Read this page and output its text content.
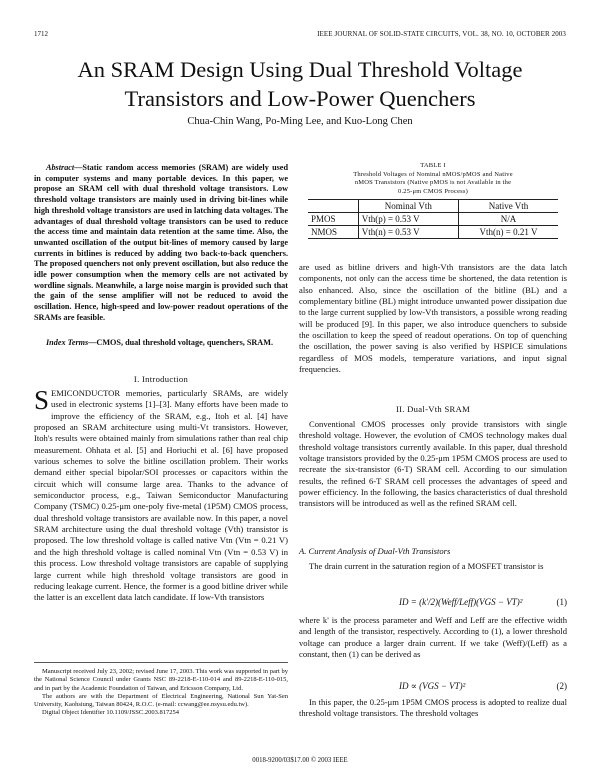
1712	IEEE JOURNAL OF SOLID-STATE CIRCUITS, VOL. 38, NO. 10, OCTOBER 2003
An SRAM Design Using Dual Threshold Voltage
Transistors and Low-Power Quenchers
Chua-Chin Wang, Po-Ming Lee, and Kuo-Long Chen
Abstract—Static random access memories (SRAM) are widely used in computer systems and many portable devices. In this paper, we propose an SRAM cell with dual threshold voltage transistors. Low threshold voltage transistors are mainly used in driving bit-lines while high threshold voltage transistors are used in latching data voltages. The advantages of dual threshold voltage transistors can be used to reduce the access time and maintain data retention at the same time. Also, the unwanted oscillation of the output bit-lines of memory caused by large currents in bitlines is reduced by adding two back-to-back quenchers. The proposed quenchers not only prevent oscillation, but also reduce the idle power consumption when the memory cells are not activated by wordline signals. Meanwhile, a large noise margin is provided such that the gain of the sense amplifier will not be reduced to avoid the oscillation. Hence, high-speed and low-power readout operations of the SRAMs are feasible.
Index Terms—CMOS, dual threshold voltage, quenchers, SRAM.
I. Introduction

SEMICONDUCTOR memories, particularly SRAMs, are widely used in electronic systems [1]–[3]. Many efforts have been made to improve the efficiency of the SRAM, e.g., Itoh et al. [4] have proposed an SRAM architecture using multi-Vt transistors. However, Itoh's results were obtained mainly from simulations rather than real chip measurement. Ohhata et al. [5] and Horiuchi et al. [6] have proposed various schemes to solve the bitline oscillation problem. Their works demand either special bipolar/SOI processes or capacitors within the circuit which will consume large area. Thanks to the advance of semiconductor process, e.g., Taiwan Semiconductor Manufacturing Company (TSMC) 0.25-μm one-poly five-metal (1P5M) CMOS process, dual threshold voltage transistors are available now. In this paper, a novel SRAM architecture using the dual threshold voltage (Vth) transistor is proposed. The low threshold voltage is called native Vtn (Vtn = 0.21 V) and the high threshold voltage is called nominal Vtn (Vtn = 0.53 V) in this process. Low threshold voltage transistors are capable of supplying large current while high threshold voltage transistors are good in reducing leakage current. Hence, the former is a good bitline driver while the latter is an excellent data latch candidate. If low-Vth transistors

Manuscript received July 23, 2002; revised June 17, 2003. This work was supported in part by the National Science Council under Grants NSC 89-2218-E-110-014 and 89-2218-E-110-015, and in part by the Academic Foundation of Taiwan, and Ericsson Company, Ltd.

The authors are with the Department of Electrical Engineering, National Sun Yat-Sen University, Kaohsiung, Taiwan 80424, R.O.C. (e-mail: ccwang@ee.nsysu.edu.tw).

Digital Object Identifier 10.1109/JSSC.2003.817254

TABLE I
Threshold Voltages of Nominal nMOS/pMOS and Native
nMOS Transistors (Native pMOS is not Available in the
0.25-μm CMOS Process)
	Nominal Vth	Native Vth
PMOS	Vth(p) = 0.53 V	N/A
NMOS	Vth(n) = 0.53 V	Vth(n) = 0.21 V

are used as bitline drivers and high-Vth transistors are the data latch components, not only can the access time be shortened, the data retention is also enhanced. Also, since the oscillation of the bitline (BL) and a complementary bitline (BL) might introduce unwanted power dissipation due to the large current supplied by low-Vth transistors, a possible wrong reading will be produced [9]. In this paper, we also introduce quenchers to subside the oscillation to keep the speed of readout operations. On top of quenching the oscillation, the power saving is also verified by HSPICE simulations regardless of MOS models, temperature variations, and input signal frequencies.

II. Dual-Vth SRAM

Conventional CMOS processes only provide transistors with single threshold voltage. However, the evolution of CMOS technology makes dual threshold voltage transistors currently available. In this paper, dual threshold voltage transistors provided by the 0.25-μm 1P5M CMOS process are used to recreate the six-transistor (6-T) SRAM cell. According to our simulation results, the refined 6-T SRAM cell processes the advantages of speed and power efficiency. In the following, the basics characteristics of dual threshold transistors will be introduced as well as the refined SRAM cell.

A. Current Analysis of Dual-Vth Transistors

The drain current in the saturation region of a MOSFET transistor is

ID = (k'/2)(Weff/Leff)(VGS − VT)²	(1)

where k' is the process parameter and Weff and Leff are the effective width and length of the transistor, respectively. According to (1), a lower threshold voltage can produce a larger drain current. If we take (Weff)/(Leff) as a constant, then (1) can be derived as

ID ∝ (VGS − VT)²	(2)

In this paper, the 0.25-μm 1P5M CMOS process is adopted to realize dual threshold voltage transistors. The threshold voltages

0018-9200/03$17.00 © 2003 IEEE
